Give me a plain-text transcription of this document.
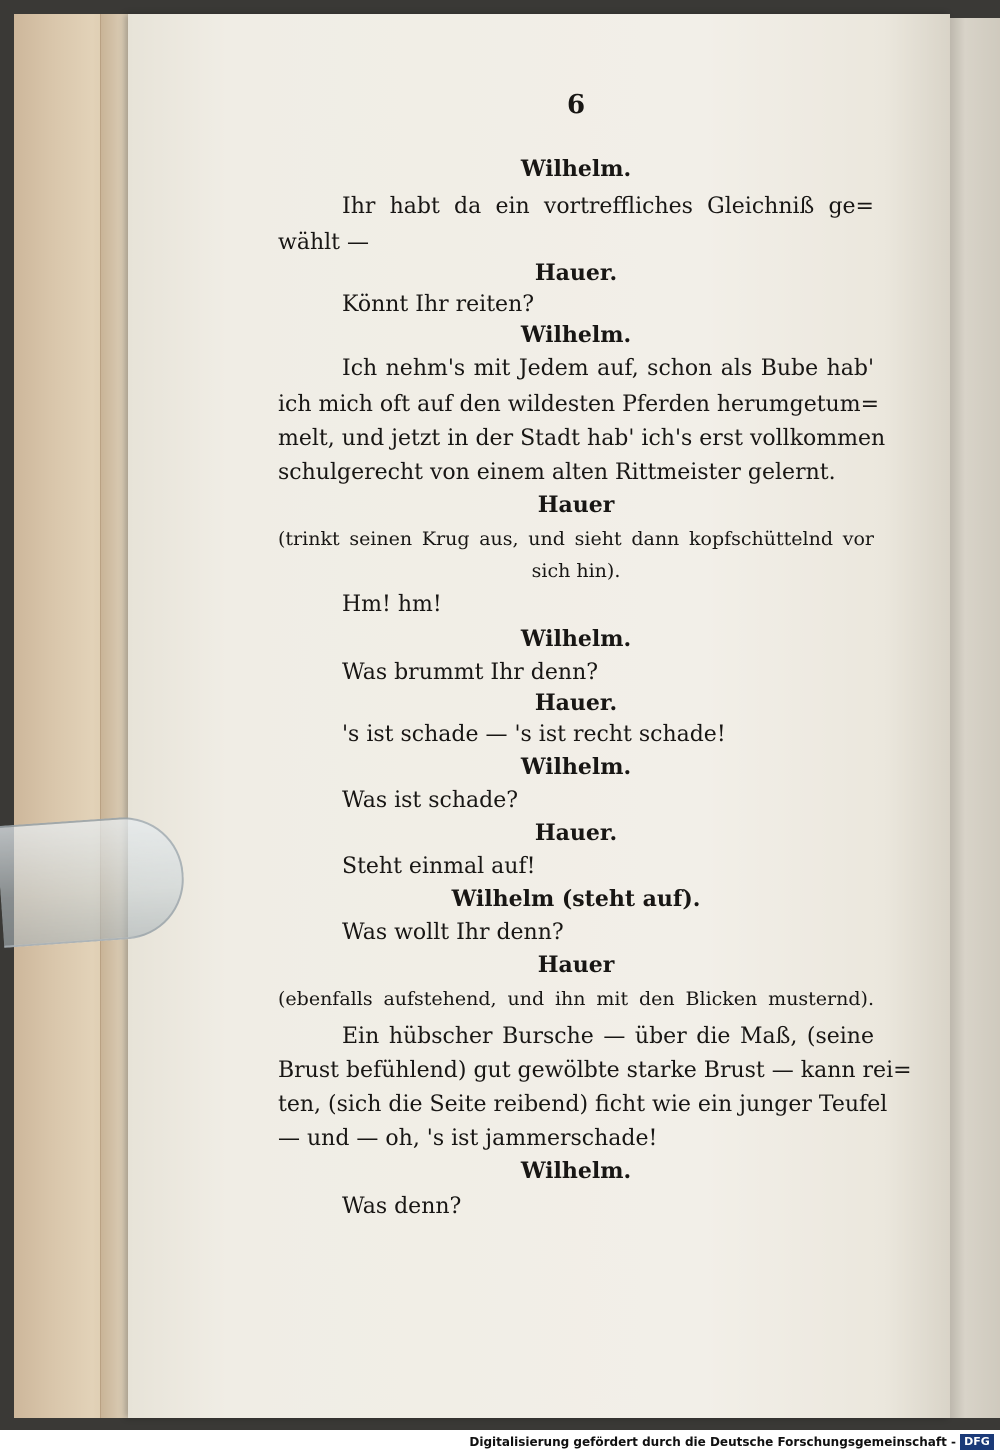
6
Wilhelm.
Ihr habt da ein vortreffliches Gleichniß ge=
wählt —
Hauer.
Könnt Ihr reiten?
Wilhelm.
Ich nehm's mit Jedem auf, schon als Bube hab'
ich mich oft auf den wildesten Pferden herumgetum=
melt, und jetzt in der Stadt hab' ich's erst vollkommen
schulgerecht von einem alten Rittmeister gelernt.
Hauer
(trinkt seinen Krug aus, und sieht dann kopfschüttelnd vor
sich hin).
Hm! hm!
Wilhelm.
Was brummt Ihr denn?
Hauer.
's ist schade — 's ist recht schade!
Wilhelm.
Was ist schade?
Hauer.
Steht einmal auf!
Wilhelm (steht auf).
Was wollt Ihr denn?
Hauer
(ebenfalls aufstehend, und ihn mit den Blicken musternd).
Ein hübscher Bursche — über die Maß, (seine
Brust befühlend) gut gewölbte starke Brust — kann rei=
ten, (sich die Seite reibend) ficht wie ein junger Teufel
— und — oh, 's ist jammerschade!
Wilhelm.
Was denn?
Digitalisierung gefördert durch die Deutsche Forschungsgemeinschaft - DFG
